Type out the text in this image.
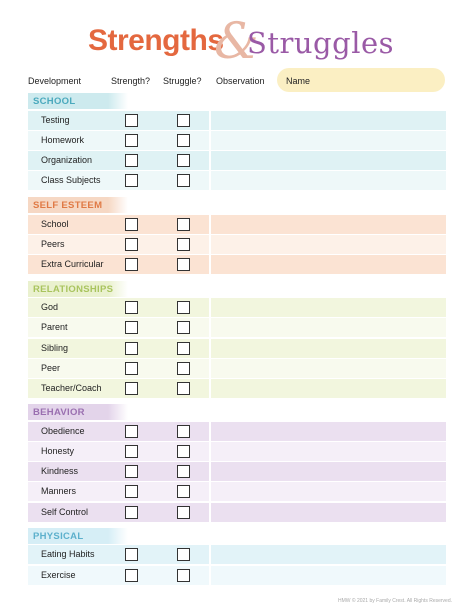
Strengths
&
Struggles
Development	Strength? Struggle? Observation Name
SCHOOL
Testing
Homework
Organization
Class Subjects
SELF ESTEEM
School
Peers
Extra Curricular
RELATIONSHIPS
God
Parent
Sibling
Peer
Teacher/Coach
BEHAVIOR
Obedience
Honesty
Kindness
Manners
Self Control
PHYSICAL
Eating Habits
Exercise
HMW © 2021 by Family Crest. All Rights Reserved.
